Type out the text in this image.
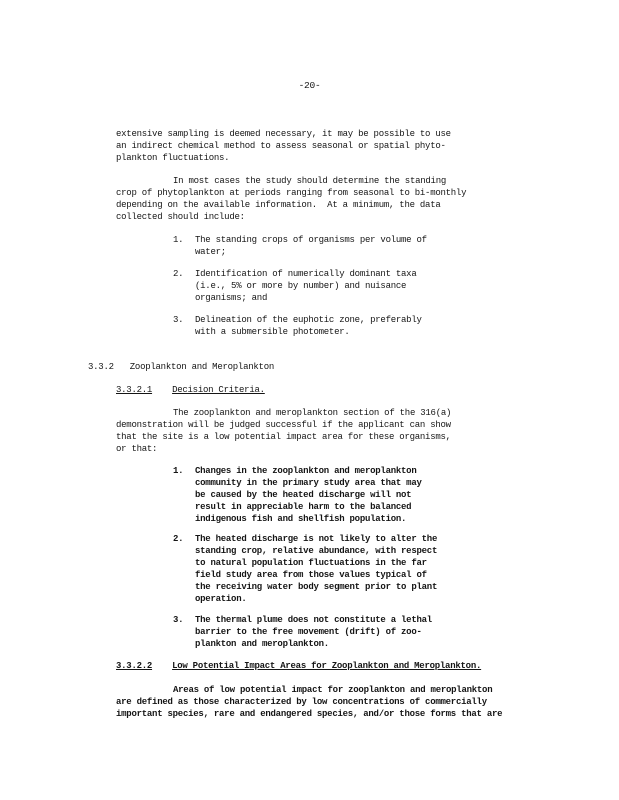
-20-
extensive sampling is deemed necessary, it may be possible to use
an indirect chemical method to assess seasonal or spatial phyto-
plankton fluctuations.
In most cases the study should determine the standing
crop of phytoplankton at periods ranging from seasonal to bi-monthly
depending on the available information.  At a minimum, the data
collected should include:
1. The standing crops of organisms per volume of
water;
2. Identification of numerically dominant taxa
(i.e., 5% or more by number) and nuisance
organisms; and
3. Delineation of the euphotic zone, preferably
with a submersible photometer.
3.3.2 Zooplankton and Meroplankton
3.3.2.1 Decision Criteria.
The zooplankton and meroplankton section of the 316(a)
demonstration will be judged successful if the applicant can show
that the site is a low potential impact area for these organisms,
or that:
1. Changes in the zooplankton and meroplankton
community in the primary study area that may
be caused by the heated discharge will not
result in appreciable harm to the balanced
indigenous fish and shellfish population.
2. The heated discharge is not likely to alter the
standing crop, relative abundance, with respect
to natural population fluctuations in the far
field study area from those values typical of
the receiving water body segment prior to plant
operation.
3. The thermal plume does not constitute a lethal
barrier to the free movement (drift) of zoo-
plankton and meroplankton.
3.3.2.2 Low Potential Impact Areas for Zooplankton and Meroplankton.
Areas of low potential impact for zooplankton and meroplankton
are defined as those characterized by low concentrations of commercially
important species, rare and endangered species, and/or those forms that are
